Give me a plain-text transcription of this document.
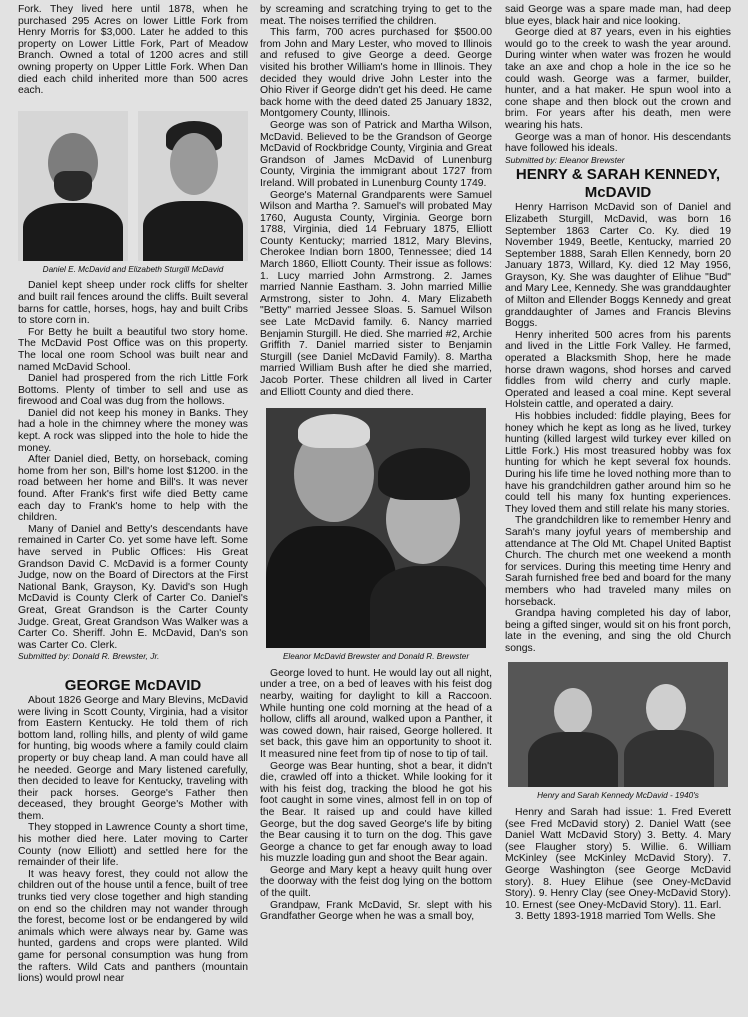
Fork. They lived here until 1878, when he purchased 295 Acres on lower Little Fork from Henry Morris for $3,000. Later he added to this property on Lower Little Fork, Part of Meadow Branch. Owned a total of 1200 acres and still owning property on Upper Little Fork. When Dan died each child inherited more than 500 acres each.

Daniel E. McDavid and Elizabeth Sturgill McDavid

Daniel kept sheep under rock cliffs for shelter and built rail fences around the cliffs. Built several barns for cattle, horses, hogs, hay and built Cribs to store corn in.

For Betty he built a beautiful two story home. The McDavid Post Office was on this property. The local one room School was built near and named McDavid School.

Daniel had prospered from the rich Little Fork Bottoms. Plenty of timber to sell and use as firewood and Coal was dug from the hollows.

Daniel did not keep his money in Banks. They had a hole in the chimney where the money was kept. A rock was slipped into the hole to hide the money.

After Daniel died, Betty, on horseback, coming home from her son, Bill's home lost $1200. in the road between her home and Bill's. It was never found. After Frank's first wife died Betty came each day to Frank's home to help with the children.

Many of Daniel and Betty's descendants have remained in Carter Co. yet some have left. Some have served in Public Offices: His Great Grandson David C. McDavid is a former County Judge, now on the Board of Directors at the First National Bank, Grayson, Ky. David's son Hugh McDavid is County Clerk of Carter Co. Daniel's Great, Great Grandson is the Carter County Judge. Great, Great Grandson Was Walker was a Carter Co. Sheriff. John E. McDavid, Dan's son was Carter Co. Clerk.

Submitted by: Donald R. Brewster, Jr.

GEORGE McDAVID

About 1826 George and Mary Blevins, McDavid were living in Scott County, Virginia, had a visitor from Eastern Kentucky. He told them of rich bottom land, rolling hills, and plenty of wild game for hunting, big woods where a family could claim property or buy cheap land. A man could have all he needed. George and Mary listened carefully, then decided to leave for Kentucky, traveling with their pack horses. George's Father then deceased, they brought George's Mother with them.

They stopped in Lawrence County a short time, his mother died here. Later moving to Carter County (now Elliott) and settled here for the remainder of their life.

It was heavy forest, they could not allow the children out of the house until a fence, built of tree trunks tied very close together and high standing on end so the children may not wander through the forest, become lost or be endangered by wild animals which were always near by. Game was hunted, gardens and crops were planted. Wild game for personal consumption was hung from the rafters. Wild Cats and panthers (mountain lions) would prowl near

by screaming and scratching trying to get to the meat. The noises terrified the children.

This farm, 700 acres purchased for $500.00 from John and Mary Lester, who moved to Illinois and refused to give George a deed. George visited his brother William's home in Illinois. They decided they would drive John Lester into the Ohio River if George didn't get his deed. He came back home with the deed dated 25 January 1832, Montgomery County, Illinois.

George was son of Patrick and Martha Wilson, McDavid. Believed to be the Grandson of George McDavid of Rockbridge County, Virginia and Great Grandson of James McDavid of Lunenburg County, Virginia the immigrant about 1727 from Ireland. Will probated in Lunenburg County 1749.

George's Maternal Grandparents were Samuel Wilson and Martha ?. Samuel's will probated May 1760, Augusta County, Virginia. George born 1788, Virginia, died 14 February 1875, Elliott County Kentucky; married 1812, Mary Blevins, Cherokee Indian born 1800, Tennessee; died 14 March 1860, Elliott County. Their issue as follows: 1. Lucy married John Armstrong. 2. James married Nannie Eastham. 3. John married Millie Armstrong, sister to John. 4. Mary Elizabeth "Betty" married Jessee Sloas. 5. Samuel Wilson see Late McDavid family. 6. Nancy married Benjamin Sturgill. He died. She married #2, Archie Griffith 7. Daniel married sister to Benjamin Sturgill (see Daniel McDavid Family). 8. Martha married William Bush after he died she married, Jacob Porter. These children all lived in Carter and Elliott County and died there.

Eleanor McDavid Brewster and Donald R. Brewster

George loved to hunt. He would lay out all night, under a tree, on a bed of leaves with his feist dog nearby, waiting for daylight to kill a Raccoon. While hunting one cold morning at the head of a hollow, cliffs all around, walked upon a Panther, it was cowed down, hair raised, George hollered. It set back, this gave him an opportunity to shoot it. It measured nine feet from tip of nose to tip of tail.

George was Bear hunting, shot a bear, it didn't die, crawled off into a thicket. While looking for it with his feist dog, tracking the blood he got his foot caught in some vines, almost fell in on top of the Bear. It raised up and could have killed George, but the dog saved George's life by biting the Bear causing it to turn on the dog. This gave George a chance to get far enough away to load his muzzle loading gun and shoot the Bear again.

George and Mary kept a heavy quilt hung over the doorway with the feist dog lying on the bottom of the quilt.

Grandpaw, Frank McDavid, Sr. slept with his Grandfather George when he was a small boy,

said George was a spare made man, had deep blue eyes, black hair and nice looking.

George died at 87 years, even in his eighties would go to the creek to wash the year around. During winter when water was frozen he would take an axe and chop a hole in the ice so he could wash. George was a farmer, builder, hunter, and a hat maker. He spun wool into a cone shape and then block out the crown and brim. For years after his death, men were wearing his hats.

George was a man of honor. His descendants have followed his ideals.

Submitted by: Eleanor Brewster

HENRY & SARAH KENNEDY, McDAVID

Henry Harrison McDavid son of Daniel and Elizabeth Sturgill, McDavid, was born 16 September 1863 Carter Co. Ky. died 19 November 1949, Beetle, Kentucky, married 20 September 1888, Sarah Ellen Kennedy, born 20 January 1873, Willard, Ky. died 12 May 1956, Grayson, Ky. She was daughter of Elihue "Bud" and Mary Lee, Kennedy. She was granddaughter of Milton and Ellender Boggs Kennedy and great granddaughter of James and Francis Blevins Boggs.

Henry inherited 500 acres from his parents and lived in the Little Fork Valley. He farmed, operated a Blacksmith Shop, here he made horse drawn wagons, shod horses and carved fiddles from wild cherry and curly maple. Operated and leased a coal mine. Kept several Holstein cattle, and operated a dairy.

His hobbies included: fiddle playing, Bees for honey which he kept as long as he lived, turkey hunting (killed largest wild turkey ever killed on Little Fork.) His most treasured hobby was fox hunting for which he kept several fox hounds. During his life time he loved nothing more than to have his grandchildren gather around him so he could tell his many fox hunting experiences. They loved them and still relate his many stories.

The grandchildren like to remember Henry and Sarah's many joyful years of membership and attendance at The Old Mt. Chapel United Baptist Church. The church met one weekend a month for services. During this meeting time Henry and Sarah furnished free bed and board for the many members who had traveled many miles on horseback.

Grandpa having completed his day of labor, being a gifted singer, would sit on his front porch, late in the evening, and sing the old Church songs.

Henry and Sarah Kennedy McDavid - 1940's

Henry and Sarah had issue: 1. Fred Everett (see Fred McDavid story) 2. Daniel Watt (see Daniel Watt McDavid Story) 3. Betty. 4. Mary (see Flaugher story) 5. Willie. 6. William McKinley (see McKinley McDavid Story). 7. George Washington (see George McDavid story). 8. Huey Elihue (see Oney-McDavid Story). 9. Henry Clay (see Oney-McDavid Story). 10. Ernest (see Oney-McDavid Story). 11. Earl.

3. Betty 1893-1918 married Tom Wells. She
